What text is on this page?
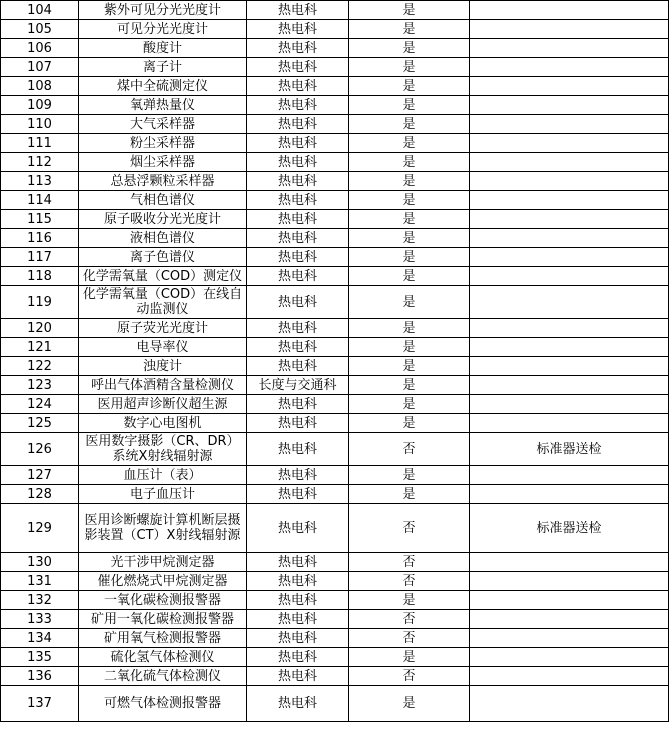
104	紫外可见分光光度计	热电科	是	
105	可见分光光度计	热电科	是	
106	酸度计	热电科	是	
107	离子计	热电科	是	
108	煤中全硫测定仪	热电科	是	
109	氧弹热量仪	热电科	是	
110	大气采样器	热电科	是	
111	粉尘采样器	热电科	是	
112	烟尘采样器	热电科	是	
113	总悬浮颗粒采样器	热电科	是	
114	气相色谱仪	热电科	是	
115	原子吸收分光光度计	热电科	是	
116	液相色谱仪	热电科	是	
117	离子色谱仪	热电科	是	
118	化学需氧量（COD）测定仪	热电科	是	
119	化学需氧量（COD）在线自动监测仪	热电科	是	
120	原子荧光光度计	热电科	是	
121	电导率仪	热电科	是	
122	浊度计	热电科	是	
123	呼出气体酒精含量检测仪	长度与交通科	是	
124	医用超声诊断仪超生源	热电科	是	
125	数字心电图机	热电科	是	
126	医用数字摄影（CR、DR）系统X射线辐射源	热电科	否	标准器送检
127	血压计（表）	热电科	是	
128	电子血压计	热电科	是	
129	医用诊断螺旋计算机断层摄影装置（CT）X射线辐射源	热电科	否	标准器送检
130	光干涉甲烷测定器	热电科	否	
131	催化燃烧式甲烷测定器	热电科	否	
132	一氧化碳检测报警器	热电科	是	
133	矿用一氧化碳检测报警器	热电科	否	
134	矿用氧气检测报警器	热电科	否	
135	硫化氢气体检测仪	热电科	是	
136	二氧化硫气体检测仪	热电科	否	
137	可燃气体检测报警器	热电科	是	
